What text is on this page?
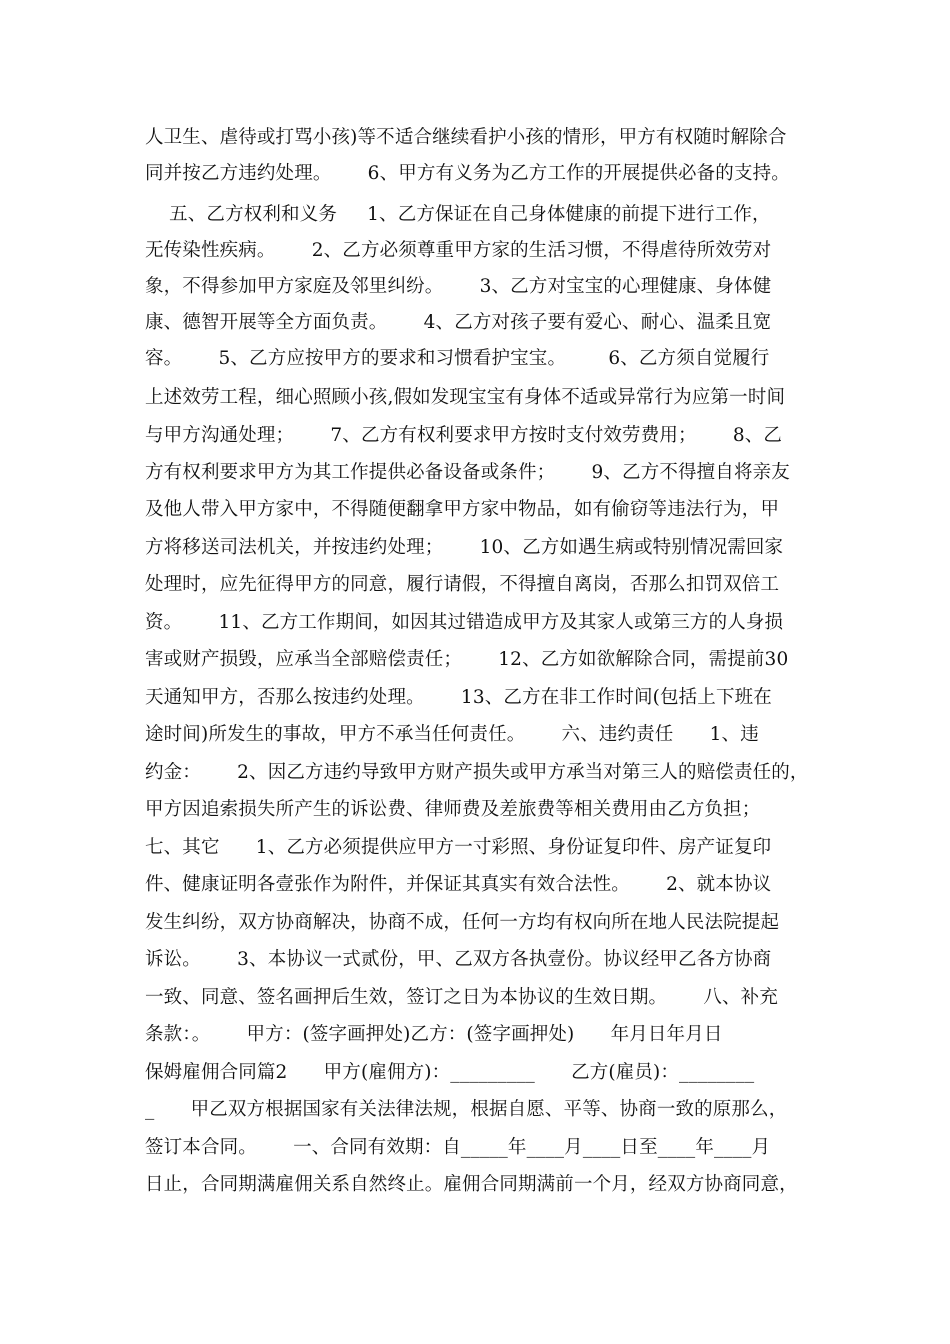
人卫生、虐待或打骂小孩)等不适合继续看护小孩的情形，甲方有权随时解除合
同并按乙方违约处理。      6、甲方有义务为乙方工作的开展提供必备的支持。
五、乙方权利和义务     1、乙方保证在自己身体健康的前提下进行工作，
无传染性疾病。      2、乙方必须尊重甲方家的生活习惯，不得虐待所效劳对
象，不得参加甲方家庭及邻里纠纷。      3、乙方对宝宝的心理健康、身体健
康、德智开展等全方面负责。      4、乙方对孩子要有爱心、耐心、温柔且宽
容。      5、乙方应按甲方的要求和习惯看护宝宝。       6、乙方须自觉履行
上述效劳工程，细心照顾小孩,假如发现宝宝有身体不适或异常行为应第一时间
与甲方沟通处理；      7、乙方有权利要求甲方按时支付效劳费用；      8、乙
方有权利要求甲方为其工作提供必备设备或条件；      9、乙方不得擅自将亲友
及他人带入甲方家中，不得随便翻拿甲方家中物品，如有偷窃等违法行为，甲
方将移送司法机关，并按违约处理；      10、乙方如遇生病或特别情况需回家
处理时，应先征得甲方的同意，履行请假，不得擅自离岗，否那么扣罚双倍工
资。      11、乙方工作期间，如因其过错造成甲方及其家人或第三方的人身损
害或财产损毁，应承当全部赔偿责任；      12、乙方如欲解除合同，需提前30
天通知甲方，否那么按违约处理。      13、乙方在非工作时间(包括上下班在
途时间)所发生的事故，甲方不承当任何责任。      六、违约责任      1、违
约金：      2、因乙方违约导致甲方财产损失或甲方承当对第三人的赔偿责任的，
甲方因追索损失所产生的诉讼费、律师费及差旅费等相关费用由乙方负担；
七、其它      1、乙方必须提供应甲方一寸彩照、身份证复印件、房产证复印
件、健康证明各壹张作为附件，并保证其真实有效合法性。      2、就本协议
发生纠纷，双方协商解决，协商不成，任何一方均有权向所在地人民法院提起
诉讼。      3、本协议一式贰份，甲、乙双方各执壹份。协议经甲乙各方协商
一致、同意、签名画押后生效，签订之日为本协议的生效日期。      八、补充
条款：。      甲方：(签字画押处)乙方：(签字画押处)      年月日年月日
保姆雇佣合同篇2      甲方(雇佣方)：_________      乙方(雇员)：________
_      甲乙双方根据国家有关法律法规，根据自愿、平等、协商一致的原那么，
签订本合同。      一、合同有效期：自_____年____月____日至____年____月
日止，合同期满雇佣关系自然终止。雇佣合同期满前一个月，经双方协商同意，
